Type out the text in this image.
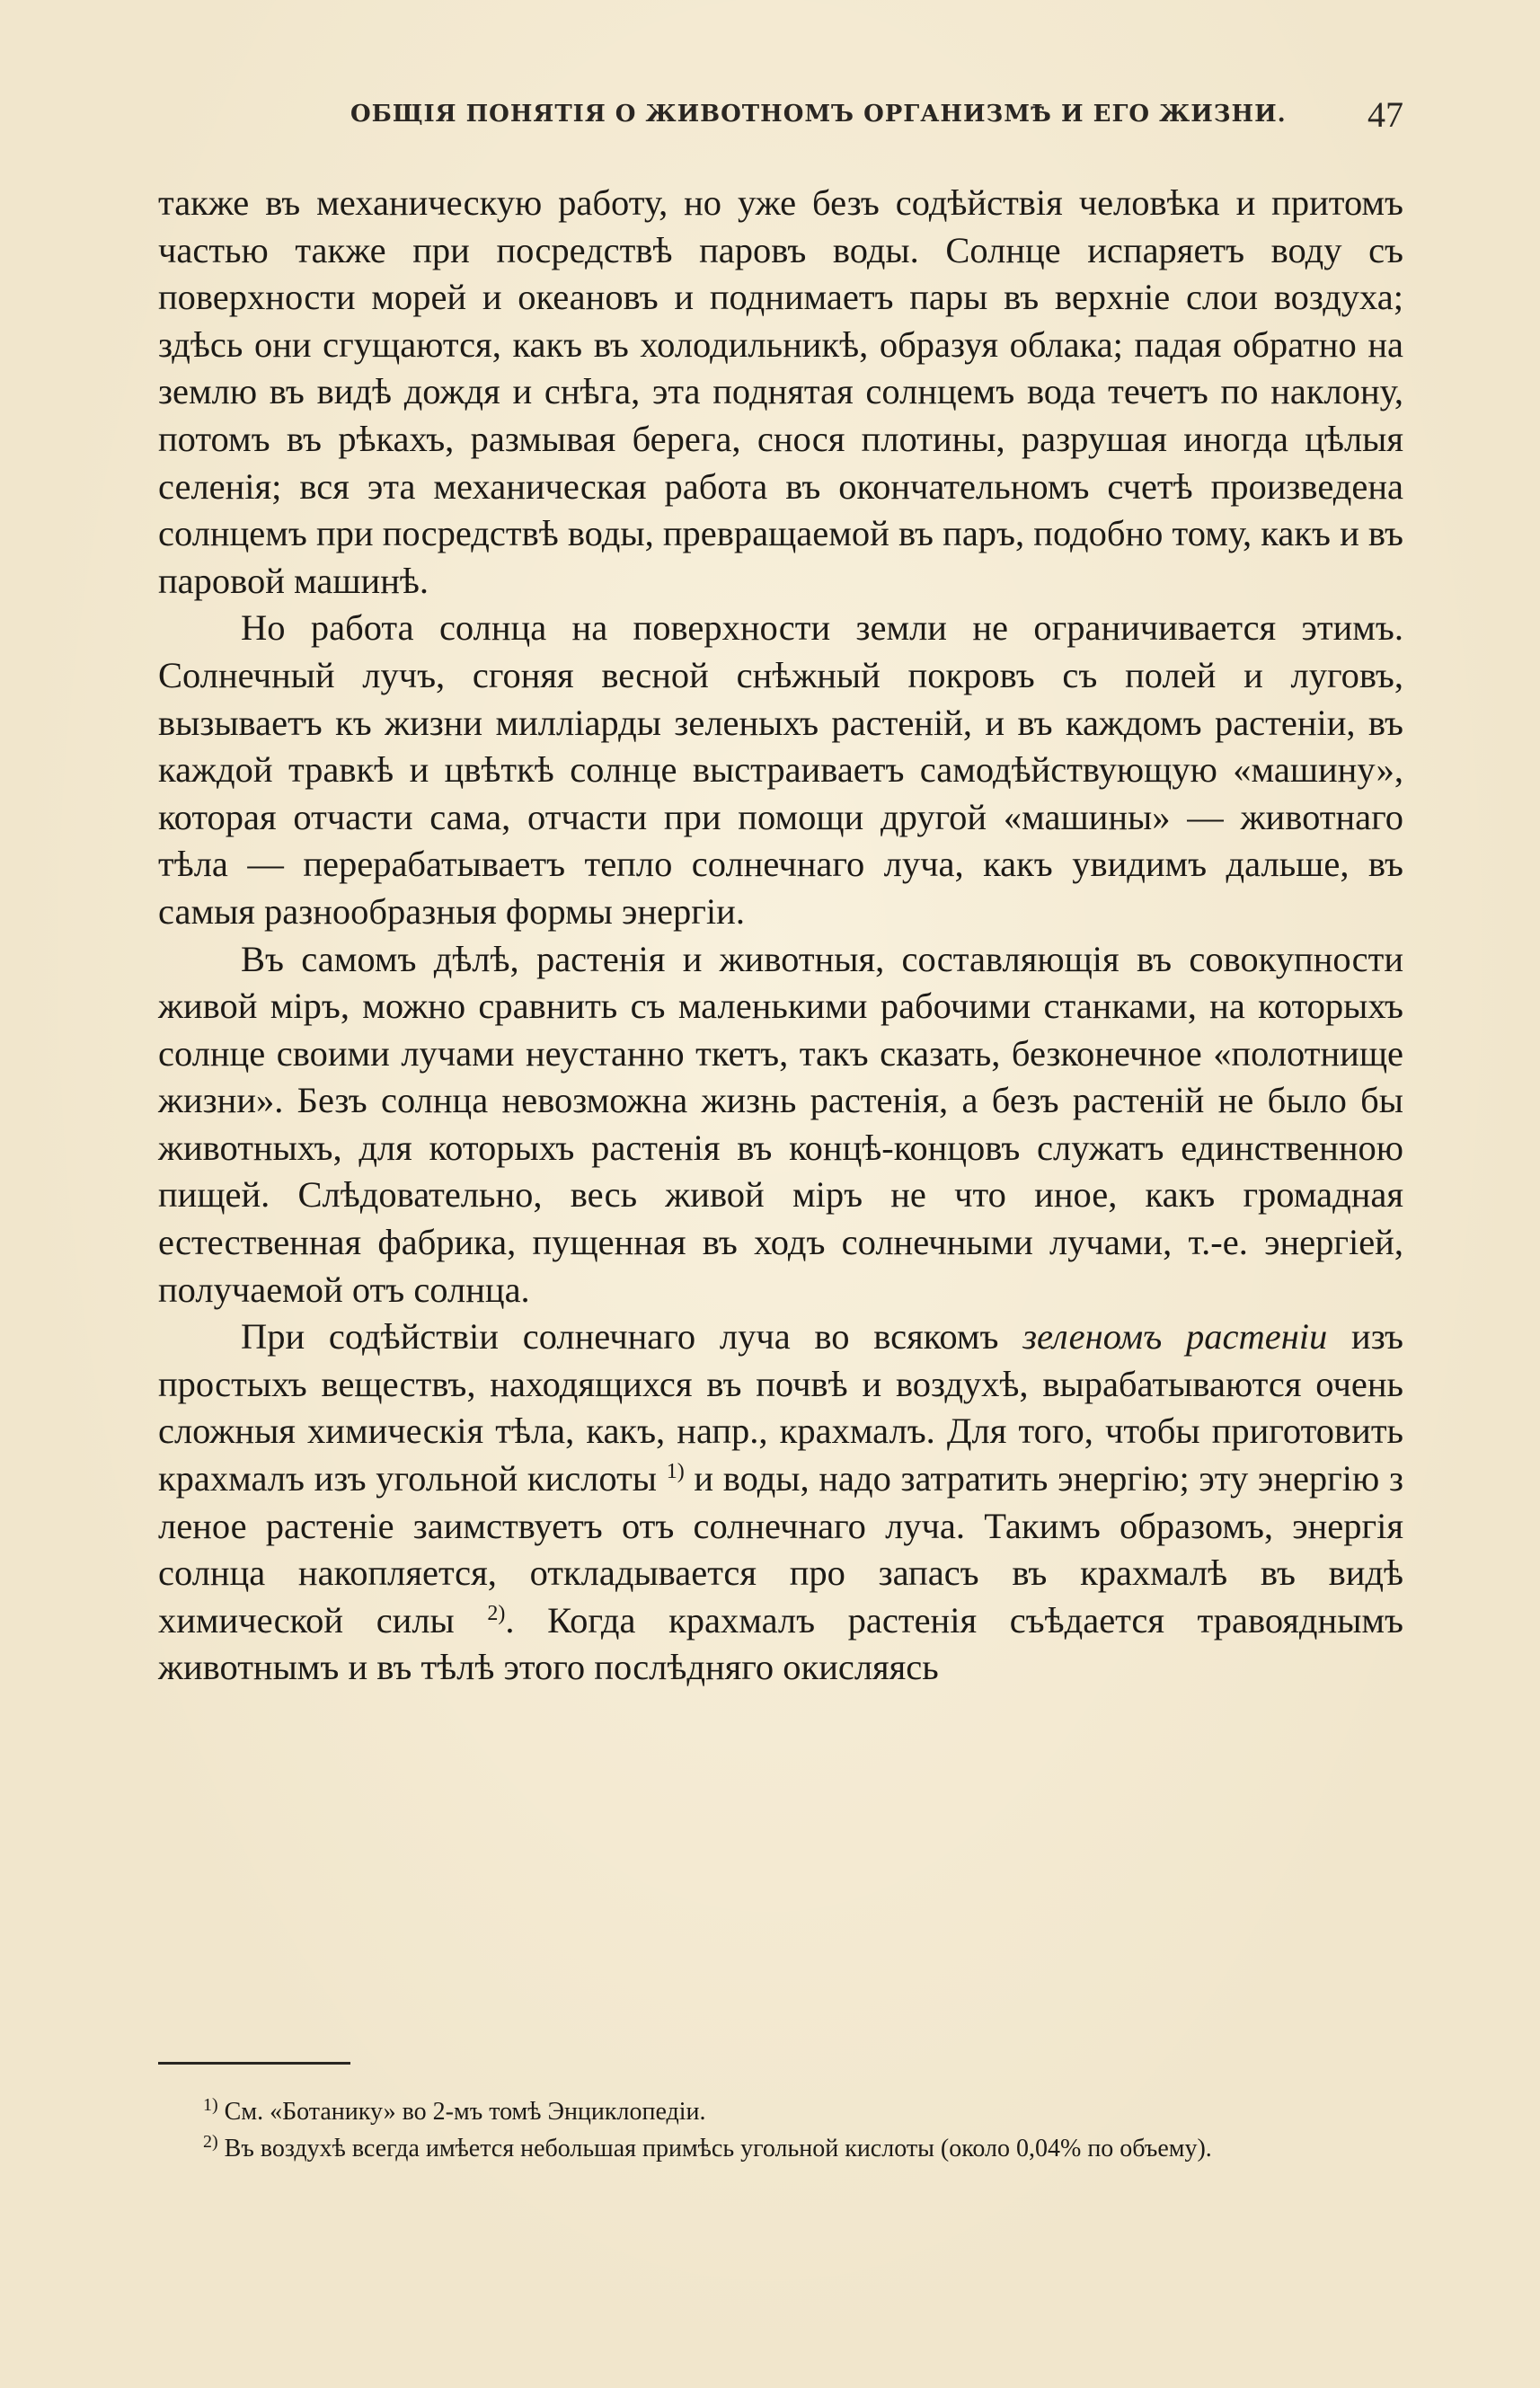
ОБЩІЯ ПОНЯТІЯ О ЖИВОТНОМЪ ОРГАНИЗМѢ И ЕГО ЖИЗНИ. 47

также въ механическую работу, но уже безъ содѣйствія человѣка и притомъ частью также при посредствѣ паровъ воды. Солнце испаряетъ воду съ поверхности морей и океановъ и поднимаетъ пары въ верхніе слои воздуха; здѣсь они сгущаются, какъ въ холодильникѣ, образуя облака; падая обратно на землю въ видѣ дождя и снѣга, эта поднятая солнцемъ вода течетъ по наклону, потомъ въ рѣкахъ, размывая берега, снося плотины, разрушая иногда цѣлыя селенія; вся эта механическая работа въ окончательномъ счетѣ произведена солнцемъ при посредствѣ воды, превращаемой въ паръ, подобно тому, какъ и въ паровой машинѣ.

Но работа солнца на поверхности земли не ограничивается этимъ. Солнечный лучъ, сгоняя весной снѣжный покровъ съ полей и луговъ, вызываетъ къ жизни милліарды зеленыхъ растеній, и въ каждомъ растеніи, въ каждой травкѣ и цвѣткѣ солнце выстраиваетъ самодѣйствующую «машину», которая отчасти сама, отчасти при помощи другой «машины» — животнаго тѣла — перерабатываетъ тепло солнечнаго луча, какъ увидимъ дальше, въ самыя разнообразныя формы энергіи.

Въ самомъ дѣлѣ, растенія и животныя, составляющія въ совокупности живой міръ, можно сравнить съ маленькими рабочими станками, на которыхъ солнце своими лучами неустанно ткетъ, такъ сказать, безконечное «полотнище жизни». Безъ солнца невозможна жизнь растенія, а безъ растеній не было бы животныхъ, для которыхъ растенія въ концѣ-концовъ служатъ единственною пищей. Слѣдовательно, весь живой міръ не что иное, какъ громадная естественная фабрика, пущенная въ ходъ солнечными лучами, т.-е. энергіей, получаемой отъ солнца.

При содѣйствіи солнечнаго луча во всякомъ зеленомъ растеніи изъ простыхъ веществъ, находящихся въ почвѣ и воздухѣ, вырабатываются очень сложныя химическія тѣла, какъ, напр., крахмалъ. Для того, чтобы приготовить крахмалъ изъ угольной кислоты $^{1)}$ и воды, надо затратить энергію; эту энергію з леное растеніе заимствуетъ отъ солнечнаго луча. Такимъ образомъ, энергія солнца накопляется, откладывается про запасъ въ крахмалѣ въ видѣ химической силы $^{2)}$. Когда крахмалъ растенія съѣдается травояднымъ животнымъ и въ тѣлѣ этого послѣдняго окисляясь

$^{1)}$ См. «Ботанику» во 2-мъ томѣ Энциклопедіи.

$^{2)}$ Въ воздухѣ всегда имѣется небольшая примѣсь угольной кислоты (около 0,04% по объему).
